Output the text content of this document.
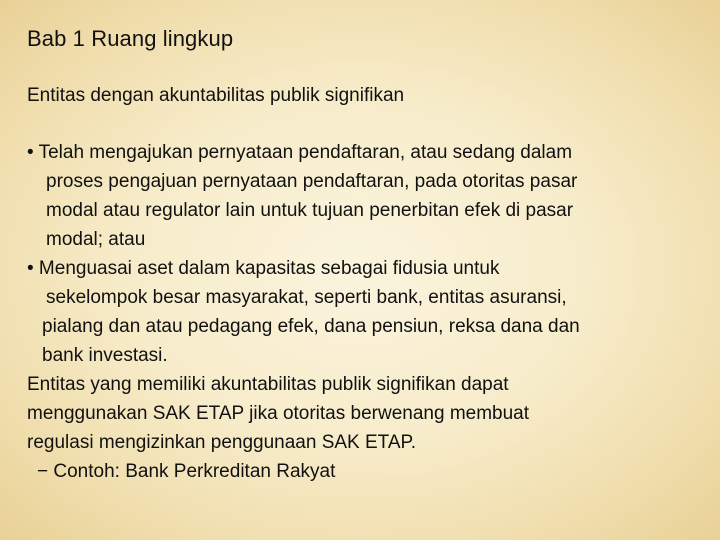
Bab 1 Ruang lingkup
Entitas dengan akuntabilitas publik signifikan
• Telah mengajukan pernyataan pendaftaran, atau sedang dalam
proses pengajuan pernyataan pendaftaran, pada otoritas pasar
modal atau regulator lain untuk tujuan penerbitan efek di pasar
modal; atau
• Menguasai aset dalam kapasitas sebagai fidusia untuk
sekelompok besar masyarakat, seperti bank, entitas asuransi,
pialang dan atau pedagang efek, dana pensiun, reksa dana dan
bank investasi.
Entitas yang memiliki akuntabilitas publik signifikan dapat
menggunakan SAK ETAP jika otoritas berwenang membuat
regulasi mengizinkan penggunaan SAK ETAP.
− Contoh: Bank Perkreditan Rakyat
